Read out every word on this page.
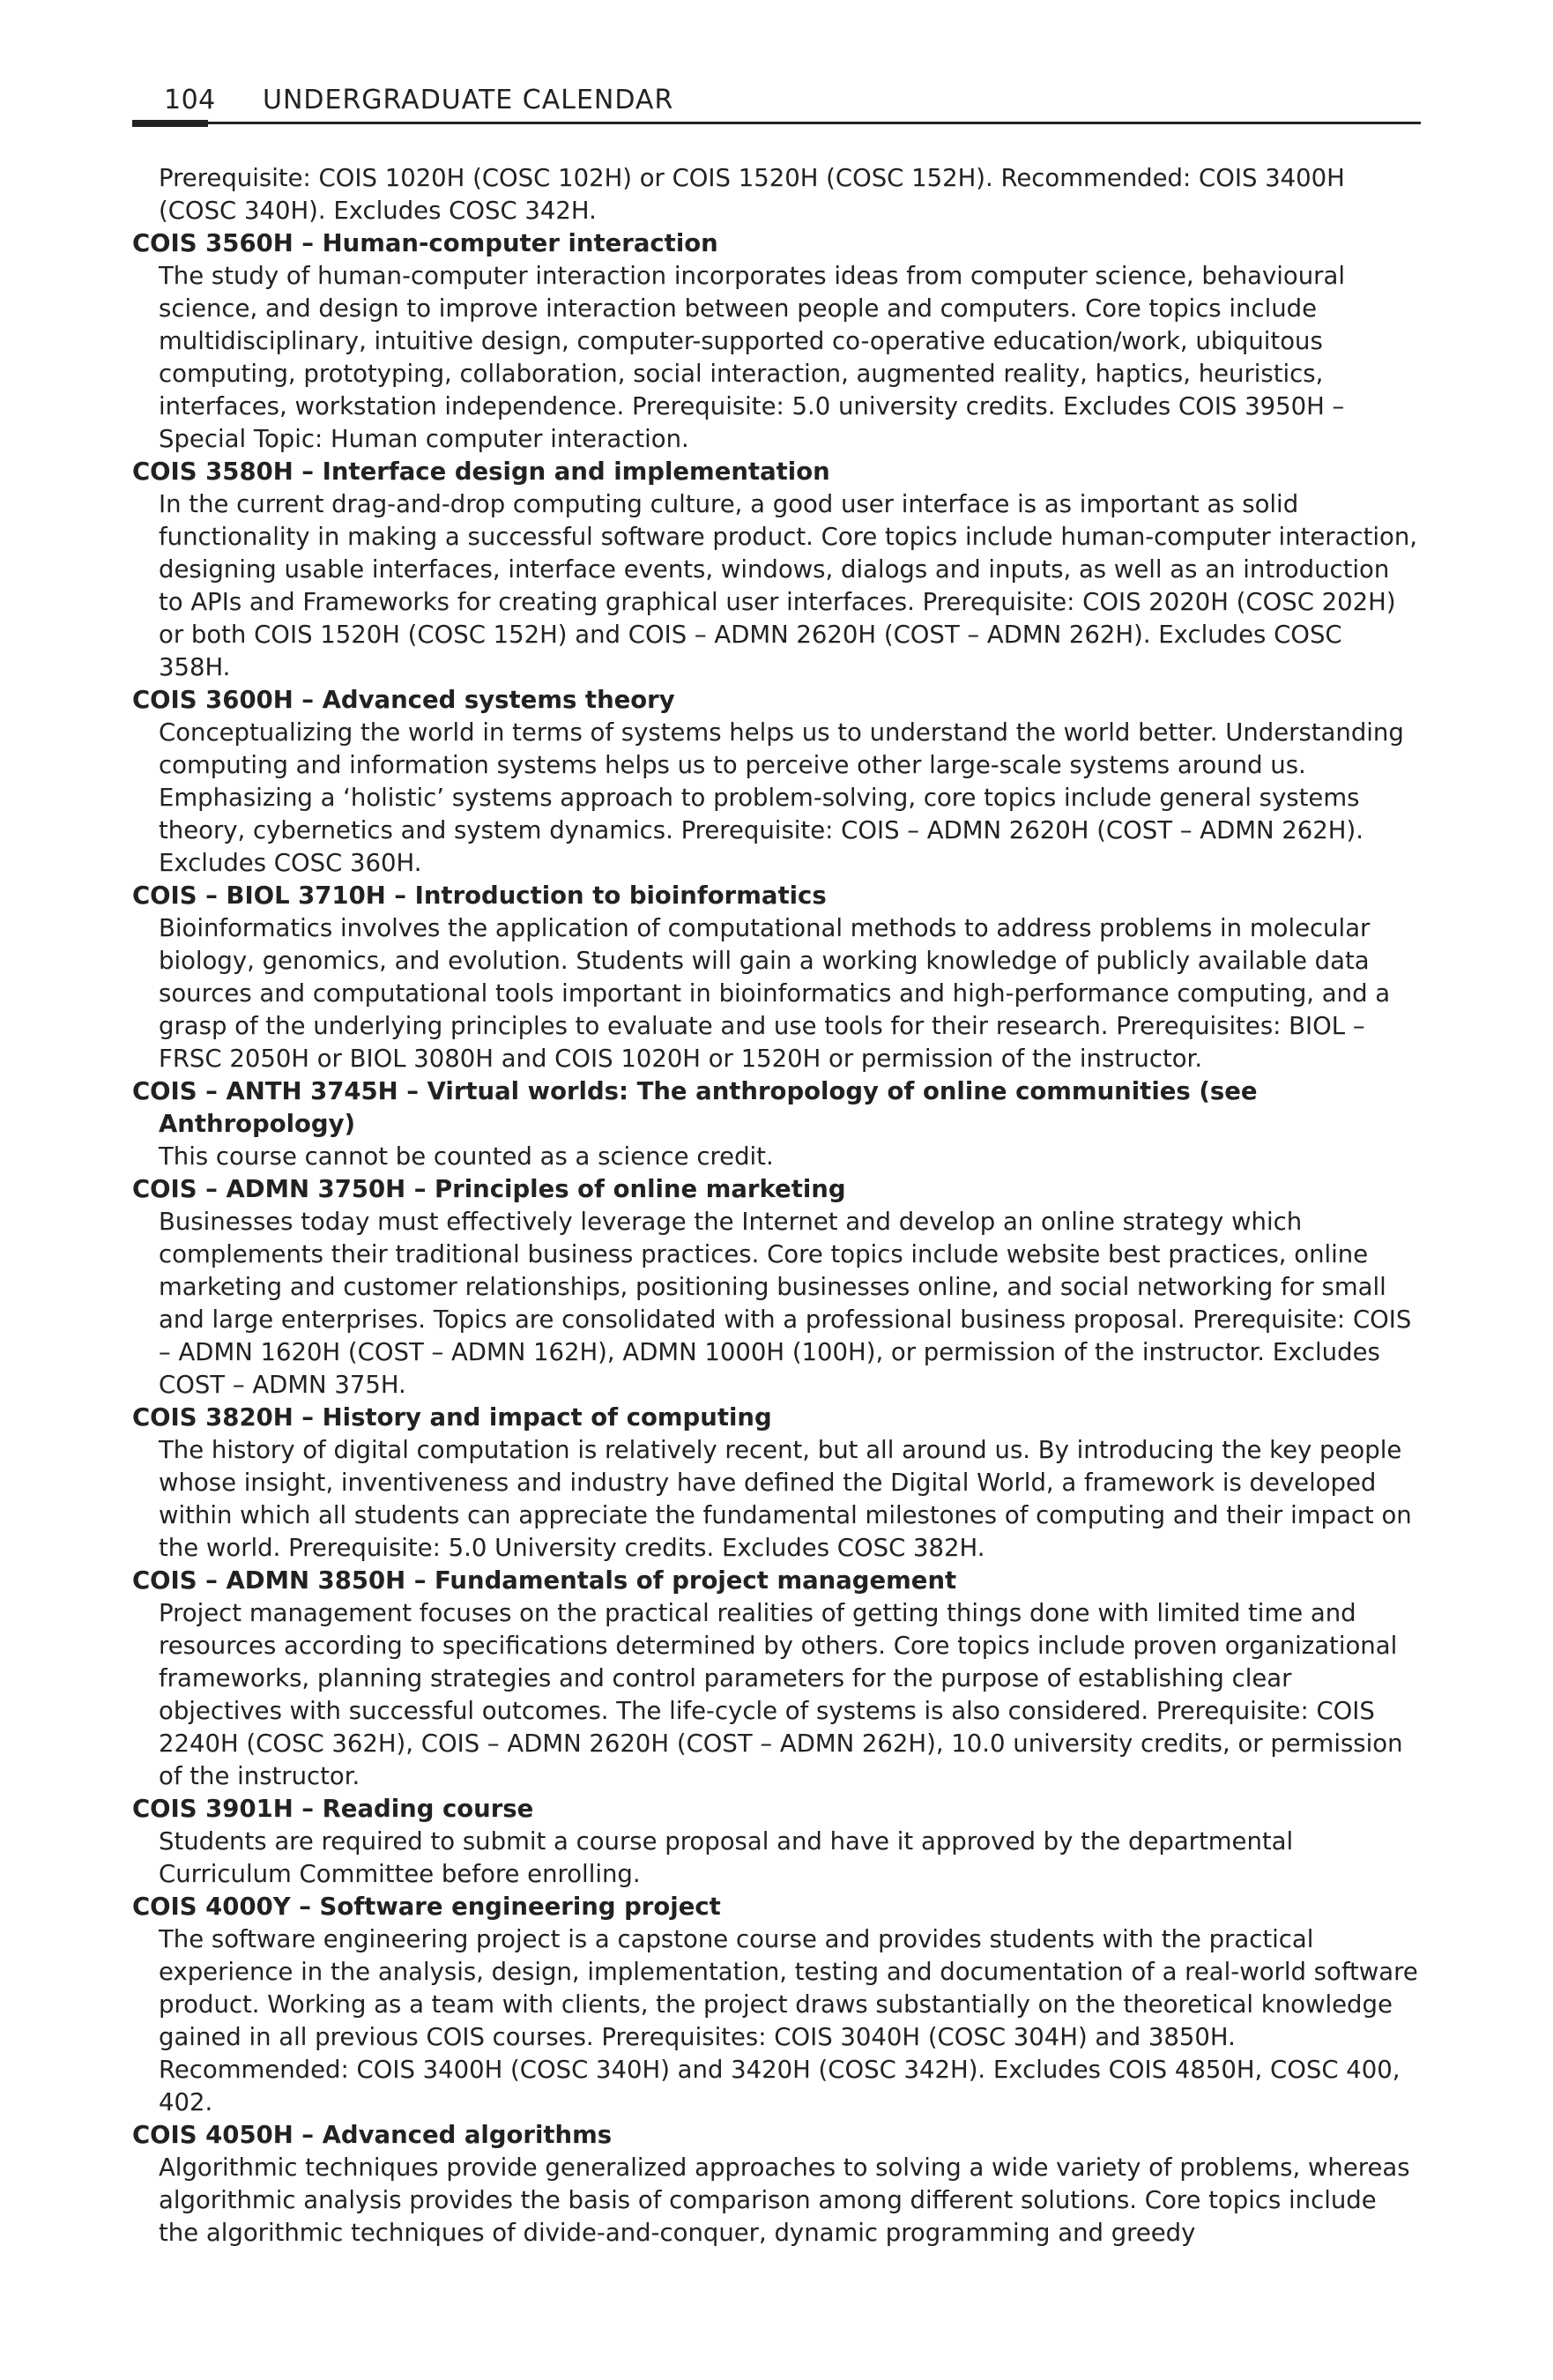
104 UNDERGRADUATE CALENDAR
Prerequisite: COIS 1020H (COSC 102H) or COIS 1520H (COSC 152H). Recommended: COIS 3400H (COSC 340H). Excludes COSC 342H.
COIS 3560H – Human-computer interaction
The study of human-computer interaction incorporates ideas from computer science, behavioural science, and design to improve interaction between people and computers. Core topics include multidisciplinary, intuitive design, computer-supported co-operative education/work, ubiquitous computing, prototyping, collaboration, social interaction, augmented reality, haptics, heuristics, interfaces, workstation independence. Prerequisite: 5.0 university credits. Excludes COIS 3950H – Special Topic: Human computer interaction.
COIS 3580H – Interface design and implementation
In the current drag-and-drop computing culture, a good user interface is as important as solid functionality in making a successful software product. Core topics include human-computer interaction, designing usable interfaces, interface events, windows, dialogs and inputs, as well as an introduction to APIs and Frameworks for creating graphical user interfaces. Prerequisite: COIS 2020H (COSC 202H) or both COIS 1520H (COSC 152H) and COIS – ADMN 2620H (COST – ADMN 262H). Excludes COSC 358H.
COIS 3600H – Advanced systems theory
Conceptualizing the world in terms of systems helps us to understand the world better. Understanding computing and information systems helps us to perceive other large-scale systems around us. Emphasizing a ‘holistic’ systems approach to problem-solving, core topics include general systems theory, cybernetics and system dynamics. Prerequisite: COIS – ADMN 2620H (COST – ADMN 262H). Excludes COSC 360H.
COIS – BIOL 3710H – Introduction to bioinformatics
Bioinformatics involves the application of computational methods to address problems in molecular biology, genomics, and evolution. Students will gain a working knowledge of publicly available data sources and computational tools important in bioinformatics and high-performance computing, and a grasp of the underlying principles to evaluate and use tools for their research. Prerequisites: BIOL – FRSC 2050H or BIOL 3080H and COIS 1020H or 1520H or permission of the instructor.
COIS – ANTH 3745H – Virtual worlds: The anthropology of online communities (see Anthropology)
This course cannot be counted as a science credit.
COIS – ADMN 3750H – Principles of online marketing
Businesses today must effectively leverage the Internet and develop an online strategy which complements their traditional business practices. Core topics include website best practices, online marketing and customer relationships, positioning businesses online, and social networking for small and large enterprises. Topics are consolidated with a professional business proposal. Prerequisite: COIS – ADMN 1620H (COST – ADMN 162H), ADMN 1000H (100H), or permission of the instructor. Excludes COST – ADMN 375H.
COIS 3820H – History and impact of computing
The history of digital computation is relatively recent, but all around us. By introducing the key people whose insight, inventiveness and industry have defined the Digital World, a framework is developed within which all students can appreciate the fundamental milestones of computing and their impact on the world. Prerequisite: 5.0 University credits. Excludes COSC 382H.
COIS – ADMN 3850H – Fundamentals of project management
Project management focuses on the practical realities of getting things done with limited time and resources according to specifications determined by others. Core topics include proven organizational frameworks, planning strategies and control parameters for the purpose of establishing clear objectives with successful outcomes. The life-cycle of systems is also considered. Prerequisite: COIS 2240H (COSC 362H), COIS – ADMN 2620H (COST – ADMN 262H), 10.0 university credits, or permission of the instructor.
COIS 3901H – Reading course
Students are required to submit a course proposal and have it approved by the departmental Curriculum Committee before enrolling.
COIS 4000Y – Software engineering project
The software engineering project is a capstone course and provides students with the practical experience in the analysis, design, implementation, testing and documentation of a real-world software product. Working as a team with clients, the project draws substantially on the theoretical knowledge gained in all previous COIS courses. Prerequisites: COIS 3040H (COSC 304H) and 3850H. Recommended: COIS 3400H (COSC 340H) and 3420H (COSC 342H). Excludes COIS 4850H, COSC 400, 402.
COIS 4050H – Advanced algorithms
Algorithmic techniques provide generalized approaches to solving a wide variety of problems, whereas algorithmic analysis provides the basis of comparison among different solutions. Core topics include the algorithmic techniques of divide-and-conquer, dynamic programming and greedy
